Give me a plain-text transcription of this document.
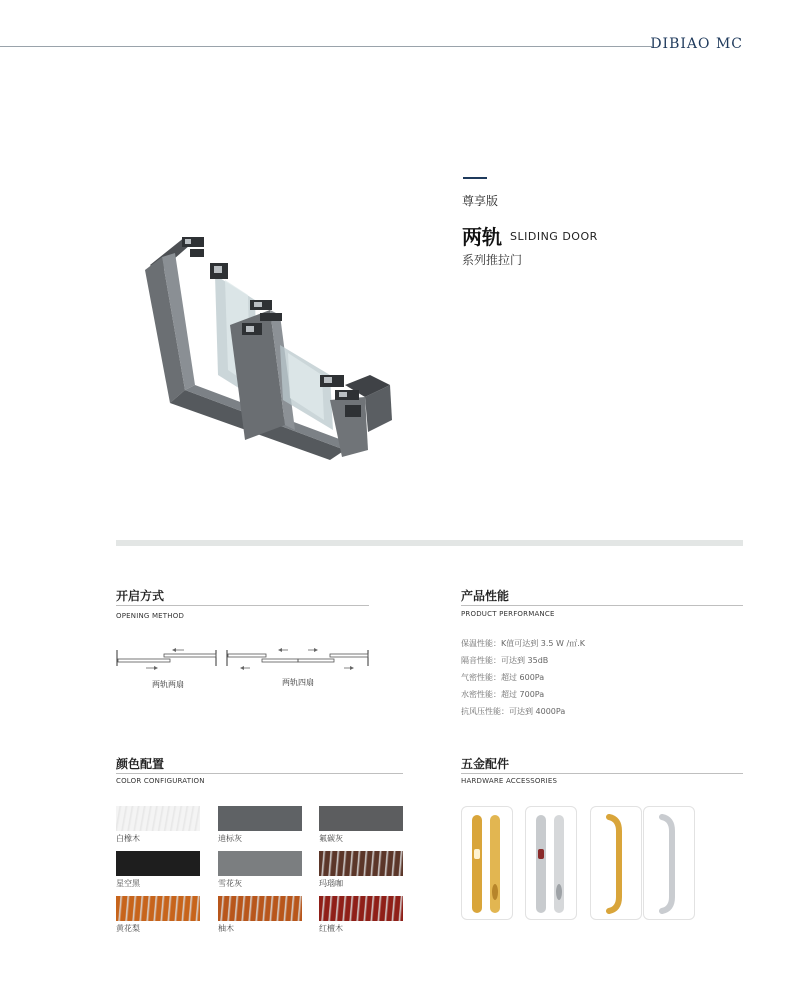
DIBIAO MC
尊享版
两轨 SLIDING DOOR
系列推拉门
开启方式
OPENING METHOD
两轨两扇	两轨四扇
产品性能
PRODUCT PERFORMANCE
保温性能：K值可达到 3.5 W /㎡.K
隔音性能：可达到 35dB
气密性能：超过 600Pa
水密性能：超过 700Pa
抗风压性能：可达到 4000Pa
颜色配置
COLOR CONFIGURATION
白橡木	迪标灰	氟碳灰
星空黑	雪花灰	玛瑙咖
黄花梨	柚木	红檀木
五金配件
HARDWARE ACCESSORIES
